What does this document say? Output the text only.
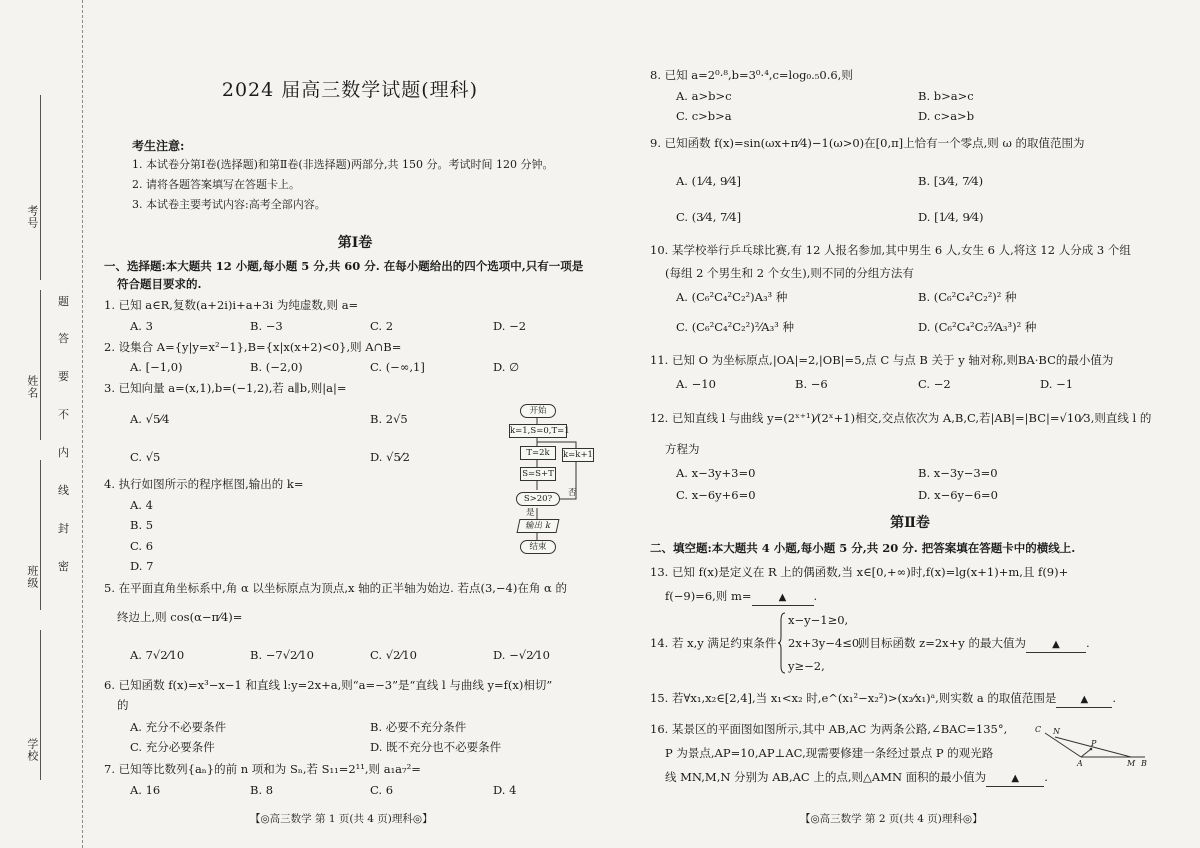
考号
姓名
班级
学校
题
答
要
不
内
线
封
密
2024 届高三数学试题(理科)
考生注意:
1. 本试卷分第Ⅰ卷(选择题)和第Ⅱ卷(非选择题)两部分,共 150 分。考试时间 120 分钟。
2. 请将各题答案填写在答题卡上。
3. 本试卷主要考试内容:高考全部内容。
第Ⅰ卷
一、选择题:本大题共 12 小题,每小题 5 分,共 60 分. 在每小题给出的四个选项中,只有一项是
符合题目要求的.
1. 已知 a∈R,复数(a+2i)i+a+3i 为纯虚数,则 a=
A. 3	B. −3	C. 2	D. −2
2. 设集合 A={y|y=x²−1},B={x|x(x+2)<0},则 A∩B=
A. [−1,0)	B. (−2,0)	C. (−∞,1]	D. ∅
3. 已知向量 a=(x,1),b=(−1,2),若 a∥b,则|a|=
A. √5⁄4	B. 2√5
C. √5	D. √5⁄2
4. 执行如图所示的程序框图,输出的 k=
A. 4
B. 5
C. 6
D. 7
开始
k=1,S=0,T=1
T=2k
S=S+T
S>20?
k=k+1
否
是
输出 k
结束
5. 在平面直角坐标系中,角 α 以坐标原点为顶点,x 轴的正半轴为始边. 若点(3,−4)在角 α 的
终边上,则 cos(α−π⁄4)=
A. 7√2⁄10	B. −7√2⁄10	C. √2⁄10	D. −√2⁄10
6. 已知函数 f(x)=x³−x−1 和直线 l:y=2x+a,则“a=−3”是“直线 l 与曲线 y=f(x)相切”
的
A. 充分不必要条件	B. 必要不充分条件
C. 充分必要条件	D. 既不充分也不必要条件
7. 已知等比数列{aₙ}的前 n 项和为 Sₙ,若 S₁₁=2¹¹,则 a₁a₇²=
A. 16	B. 8	C. 6	D. 4
【◎高三数学 第 1 页(共 4 页)理科◎】
8. 已知 a=2⁰·⁸,b=3⁰·⁴,c=log₀.₅0.6,则
A. a>b>c	B. b>a>c
C. c>b>a	D. c>a>b
9. 已知函数 f(x)=sin(ωx+π⁄4)−1(ω>0)在[0,π]上恰有一个零点,则 ω 的取值范围为
A. (1⁄4, 9⁄4]	B. [3⁄4, 7⁄4)
C. (3⁄4, 7⁄4]	D. [1⁄4, 9⁄4)
10. 某学校举行乒乓球比赛,有 12 人报名参加,其中男生 6 人,女生 6 人,将这 12 人分成 3 个组
(每组 2 个男生和 2 个女生),则不同的分组方法有
A. (C₆²C₄²C₂²)A₃³ 种	B. (C₆²C₄²C₂²)² 种
C. (C₆²C₄²C₂²)²⁄A₃³ 种	D. (C₆²C₄²C₂²⁄A₃³)² 种
11. 已知 O 为坐标原点,|OA|=2,|OB|=5,点 C 与点 B 关于 y 轴对称,则BA·BC的最小值为
A. −10	B. −6	C. −2	D. −1
12. 已知直线 l 与曲线 y=(2ˣ⁺¹)⁄(2ˣ+1)相交,交点依次为 A,B,C,若|AB|=|BC|=√10⁄3,则直线 l 的
方程为
A. x−3y+3=0	B. x−3y−3=0
C. x−6y+6=0	D. x−6y−6=0
第Ⅱ卷
二、填空题:本大题共 4 小题,每小题 5 分,共 20 分. 把答案填在答题卡中的横线上.
13. 已知 f(x)是定义在 R 上的偶函数,当 x∈[0,+∞)时,f(x)=lg(x+1)+m,且 f(9)+
f(−9)=6,则 m=	▲ .
14. 若 x,y 满足约束条件
x−y−1≥0,
2x+3y−4≤0,
y≥−2,
则目标函数 z=2x+y 的最大值为	▲ .
15. 若∀x₁,x₂∈[2,4],当 x₁<x₂ 时,e^(x₁²−x₂²)>(x₂⁄x₁)ᵃ,则实数 a 的取值范围是 ▲ .
16. 某景区的平面图如图所示,其中 AB,AC 为两条公路,∠BAC=135°,
P 为景点,AP=10,AP⊥AC,现需要修建一条经过景点 P 的观光路
线 MN,M,N 分别为 AB,AC 上的点,则△AMN 面积的最小值为	▲ .
C N
P
A	M B
【◎高三数学 第 2 页(共 4 页)理科◎】
